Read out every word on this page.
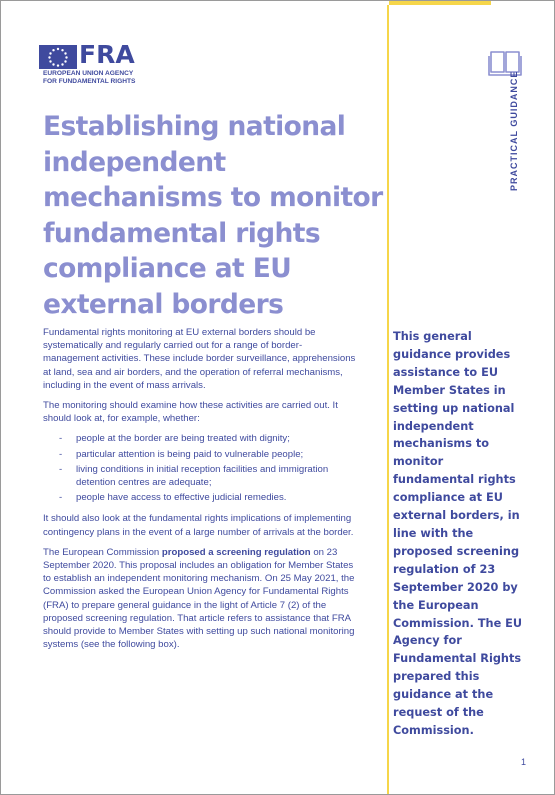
FRA
EUROPEAN UNION AGENCY
FOR FUNDAMENTAL RIGHTS	PRACTICAL GUIDANCE
Establishing national independent mechanisms to monitor fundamental rights compliance at EU external borders

Fundamental rights monitoring at EU external borders should be systematically and regularly carried out for a range of border-management activities. These include border surveillance, apprehensions at land, sea and air borders, and the operation of referral mechanisms, including in the event of mass arrivals.

The monitoring should examine how these activities are carried out. It should look at, for example, whether:

- people at the border are being treated with dignity;
- particular attention is being paid to vulnerable people;
- living conditions in initial reception facilities and immigration detention centres are adequate;
- people have access to effective judicial remedies.

It should also look at the fundamental rights implications of implementing contingency plans in the event of a large number of arrivals at the border.

The European Commission proposed a screening regulation on 23 September 2020. This proposal includes an obligation for Member States to establish an independent monitoring mechanism. On 25 May 2021, the Commission asked the European Union Agency for Fundamental Rights (FRA) to prepare general guidance in the light of Article 7 (2) of the proposed screening regulation. That article refers to assistance that FRA should provide to Member States with setting up such national monitoring systems (see the following box).

This general guidance provides assistance to EU Member States in setting up national independent mechanisms to monitor fundamental rights compliance at EU external borders, in line with the proposed screening regulation of 23 September 2020 by the European Commission. The EU Agency for Fundamental Rights prepared this guidance at the request of the Commission.

1
